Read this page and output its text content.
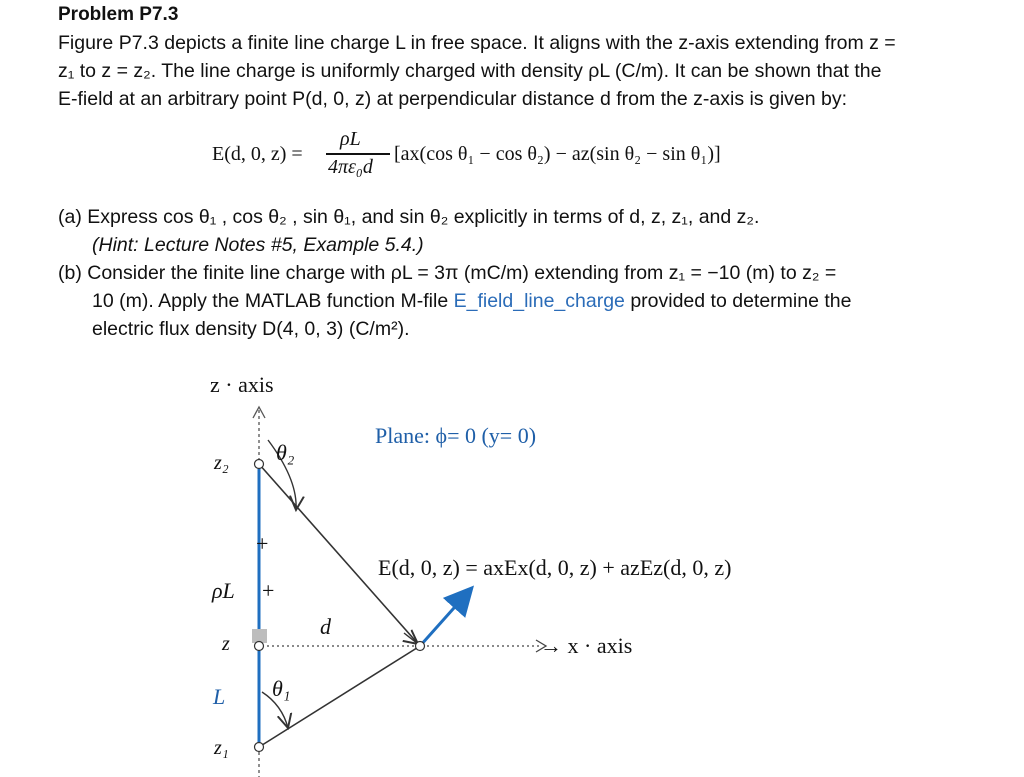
Problem P7.3
Figure P7.3 depicts a finite line charge L in free space. It aligns with the z-axis extending from z =
z₁ to z = z₂. The line charge is uniformly charged with density ρL (C/m). It can be shown that the
E-field at an arbitrary point P(d, 0, z) at perpendicular distance d from the z-axis is given by:
E(d, 0, z) =
ρL
4πε₀d
[ax(cos θ₁ − cos θ₂) − az(sin θ₂ − sin θ₁)]
(a) Express cos θ₁ , cos θ₂ , sin θ₁, and sin θ₂ explicitly in terms of d, z, z₁, and z₂.
(Hint: Lecture Notes #5, Example 5.4.)
(b) Consider the finite line charge with ρL = 3π (mC/m) extending from z₁ = −10 (m) to z₂ =
10 (m). Apply the MATLAB function M-file E_field_line_charge provided to determine the
electric flux density D(4, 0, 3) (C/m²).
z · axis
Plane: ϕ= 0 (y= 0)
θ₂
z₂
+
E(d, 0, z) = axEx(d, 0, z) + azEz(d, 0, z)
ρL +
d
z	→ x · axis
L θ₁
z₁
